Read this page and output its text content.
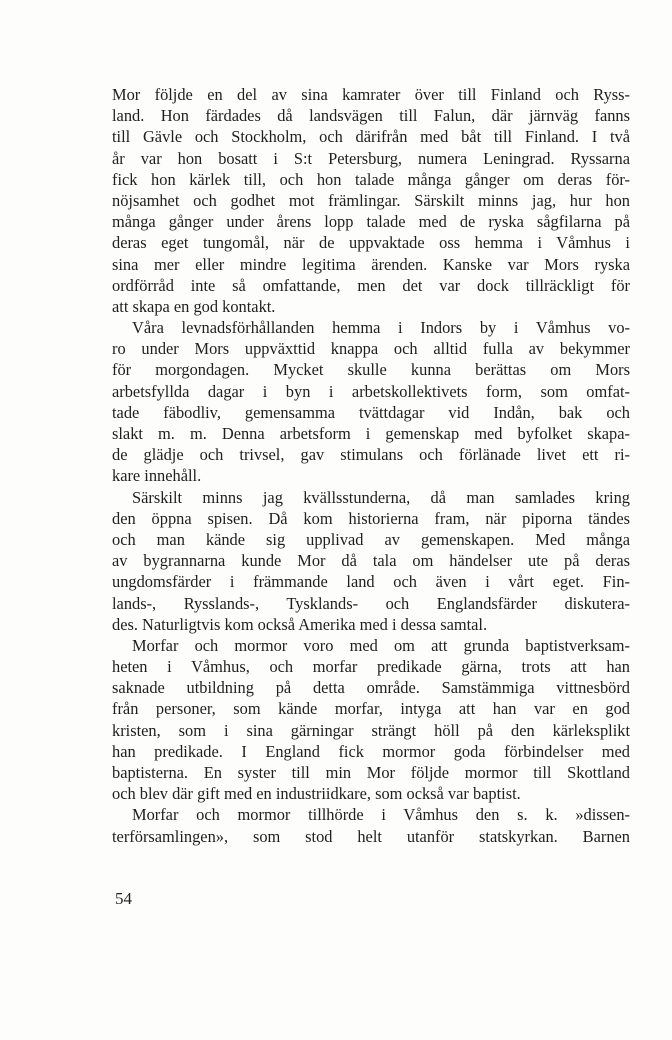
Mor följde en del av sina kamrater över till Finland och Ryss-
land. Hon färdades då landsvägen till Falun, där järnväg fanns
till Gävle och Stockholm, och därifrån med båt till Finland. I två
år var hon bosatt i S:t Petersburg, numera Leningrad. Ryssarna
fick hon kärlek till, och hon talade många gånger om deras för-
nöjsamhet och godhet mot främlingar. Särskilt minns jag, hur hon
många gånger under årens lopp talade med de ryska sågfilarna på
deras eget tungomål, när de uppvaktade oss hemma i Våmhus i
sina mer eller mindre legitima ärenden. Kanske var Mors ryska
ordförråd inte så omfattande, men det var dock tillräckligt för
att skapa en god kontakt.
Våra levnadsförhållanden hemma i Indors by i Våmhus vo-
ro under Mors uppväxttid knappa och alltid fulla av bekymmer
för morgondagen. Mycket skulle kunna berättas om Mors
arbetsfyllda dagar i byn i arbetskollektivets form, som omfat-
tade fäbodliv, gemensamma tvättdagar vid Indån, bak och
slakt m. m. Denna arbetsform i gemenskap med byfolket skapa-
de glädje och trivsel, gav stimulans och förlänade livet ett ri-
kare innehåll.
Särskilt minns jag kvällsstunderna, då man samlades kring
den öppna spisen. Då kom historierna fram, när piporna tändes
och man kände sig upplivad av gemenskapen. Med många
av bygrannarna kunde Mor då tala om händelser ute på deras
ungdomsfärder i främmande land och även i vårt eget. Fin-
lands-, Rysslands-, Tysklands- och Englandsfärder diskutera-
des. Naturligtvis kom också Amerika med i dessa samtal.
Morfar och mormor voro med om att grunda baptistverksam-
heten i Våmhus, och morfar predikade gärna, trots att han
saknade utbildning på detta område. Samstämmiga vittnesbörd
från personer, som kände morfar, intyga att han var en god
kristen, som i sina gärningar strängt höll på den kärleksplikt
han predikade. I England fick mormor goda förbindelser med
baptisterna. En syster till min Mor följde mormor till Skottland
och blev där gift med en industriidkare, som också var baptist.
Morfar och mormor tillhörde i Våmhus den s. k. »dissen-
terförsamlingen», som stod helt utanför statskyrkan. Barnen
54
